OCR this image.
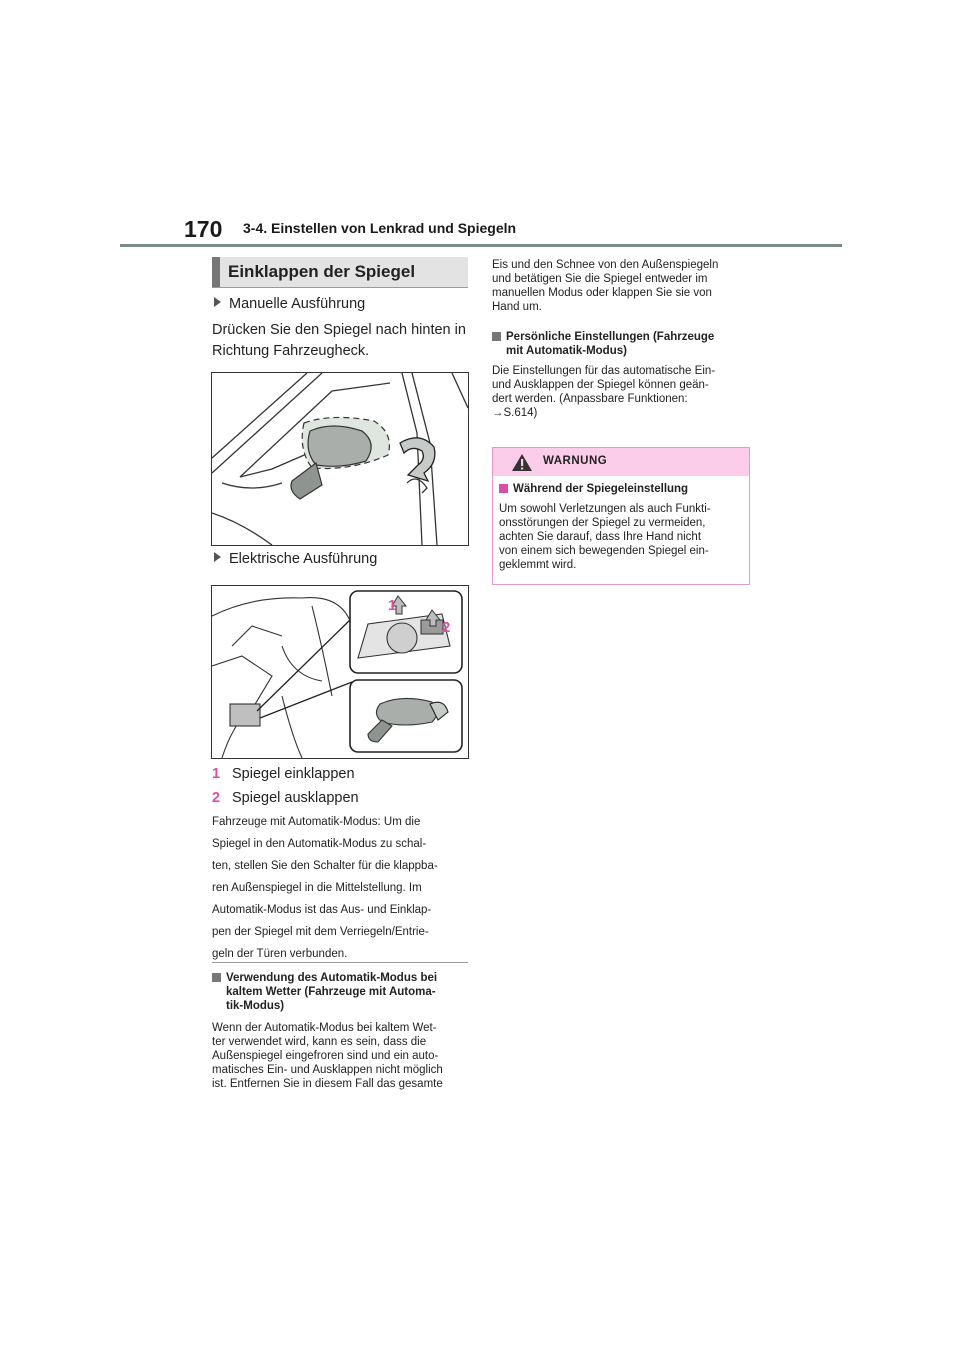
170 3-4. Einstellen von Lenkrad und Spiegeln
Einklappen der Spiegel
Manuelle Ausführung
Drücken Sie den Spiegel nach hinten in
Richtung Fahrzeugheck.
Elektrische Ausführung
1
2
1 Spiegel einklappen
2 Spiegel ausklappen
Fahrzeuge mit Automatik-Modus: Um die
Spiegel in den Automatik-Modus zu schal-
ten, stellen Sie den Schalter für die klappba-
ren Außenspiegel in die Mittelstellung. Im
Automatik-Modus ist das Aus- und Einklap-
pen der Spiegel mit dem Verriegeln/Entrie-
geln der Türen verbunden.
Verwendung des Automatik-Modus bei
kaltem Wetter (Fahrzeuge mit Automa-
tik-Modus)
Wenn der Automatik-Modus bei kaltem Wet-
ter verwendet wird, kann es sein, dass die
Außenspiegel eingefroren sind und ein auto-
matisches Ein- und Ausklappen nicht möglich
ist. Entfernen Sie in diesem Fall das gesamte
Eis und den Schnee von den Außenspiegeln
und betätigen Sie die Spiegel entweder im
manuellen Modus oder klappen Sie sie von
Hand um.
Persönliche Einstellungen (Fahrzeuge
mit Automatik-Modus)
Die Einstellungen für das automatische Ein-
und Ausklappen der Spiegel können geän-
dert werden. (Anpassbare Funktionen:
→S.614)
WARNUNG
Während der Spiegeleinstellung
Um sowohl Verletzungen als auch Funkti-
onsstörungen der Spiegel zu vermeiden,
achten Sie darauf, dass Ihre Hand nicht
von einem sich bewegenden Spiegel ein-
geklemmt wird.
